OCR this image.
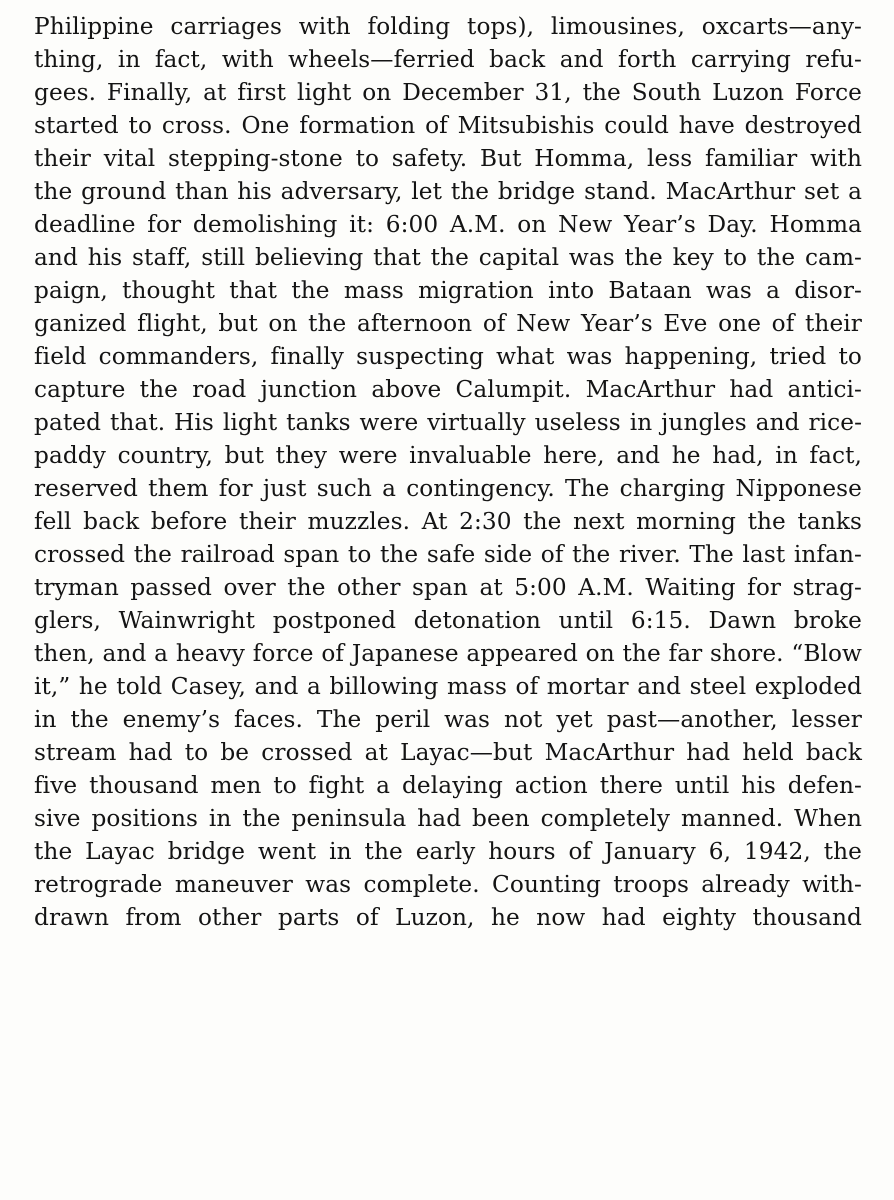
Philippine carriages with folding tops), limousines, oxcarts—any-
thing, in fact, with wheels—ferried back and forth carrying refu-
gees. Finally, at first light on December 31, the South Luzon Force
started to cross. One formation of Mitsubishis could have destroyed
their vital stepping-stone to safety. But Homma, less familiar with
the ground than his adversary, let the bridge stand. MacArthur set a
deadline for demolishing it: 6:00 A.M. on New Year’s Day. Homma
and his staff, still believing that the capital was the key to the cam-
paign, thought that the mass migration into Bataan was a disor-
ganized flight, but on the afternoon of New Year’s Eve one of their
field commanders, finally suspecting what was happening, tried to
capture the road junction above Calumpit. MacArthur had antici-
pated that. His light tanks were virtually useless in jungles and rice-
paddy country, but they were invaluable here, and he had, in fact,
reserved them for just such a contingency. The charging Nipponese
fell back before their muzzles. At 2:30 the next morning the tanks
crossed the railroad span to the safe side of the river. The last infan-
tryman passed over the other span at 5:00 A.M. Waiting for strag-
glers, Wainwright postponed detonation until 6:15. Dawn broke
then, and a heavy force of Japanese appeared on the far shore. “Blow
it,” he told Casey, and a billowing mass of mortar and steel exploded
in the enemy’s faces. The peril was not yet past—another, lesser
stream had to be crossed at Layac—but MacArthur had held back
five thousand men to fight a delaying action there until his defen-
sive positions in the peninsula had been completely manned. When
the Layac bridge went in the early hours of January 6, 1942, the
retrograde maneuver was complete. Counting troops already with-
drawn from other parts of Luzon, he now had eighty thousand
